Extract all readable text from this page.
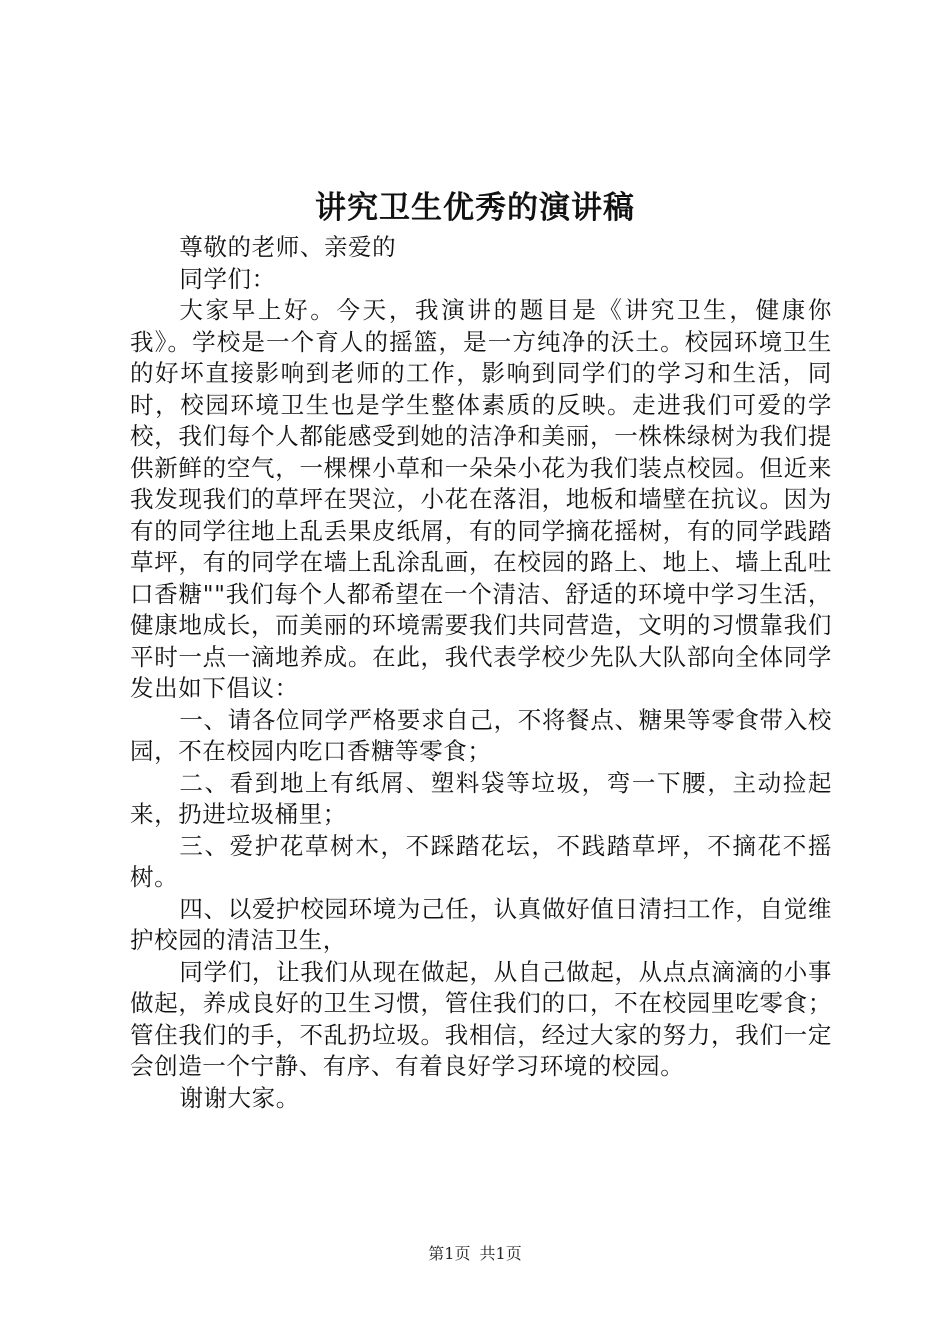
讲究卫生优秀的演讲稿

尊敬的老师、亲爱的

同学们：

大家早上好。今天，我演讲的题目是《讲究卫生，健康你我》。学校是一个育人的摇篮，是一方纯净的沃土。校园环境卫生的好坏直接影响到老师的工作，影响到同学们的学习和生活，同时，校园环境卫生也是学生整体素质的反映。走进我们可爱的学校，我们每个人都能感受到她的洁净和美丽，一株株绿树为我们提供新鲜的空气，一棵棵小草和一朵朵小花为我们装点校园。但近来我发现我们的草坪在哭泣，小花在落泪，地板和墙壁在抗议。因为有的同学往地上乱丢果皮纸屑，有的同学摘花摇树，有的同学践踏草坪，有的同学在墙上乱涂乱画，在校园的路上、地上、墙上乱吐口香糖""我们每个人都希望在一个清洁、舒适的环境中学习生活，健康地成长，而美丽的环境需要我们共同营造，文明的习惯靠我们平时一点一滴地养成。在此，我代表学校少先队大队部向全体同学发出如下倡议：

一、请各位同学严格要求自己，不将餐点、糖果等零食带入校园，不在校园内吃口香糖等零食；

二、看到地上有纸屑、塑料袋等垃圾，弯一下腰，主动捡起来，扔进垃圾桶里；

三、爱护花草树木，不踩踏花坛，不践踏草坪，不摘花不摇树。

四、以爱护校园环境为己任，认真做好值日清扫工作，自觉维护校园的清洁卫生，

同学们，让我们从现在做起，从自己做起，从点点滴滴的小事做起，养成良好的卫生习惯，管住我们的口，不在校园里吃零食；管住我们的手，不乱扔垃圾。我相信，经过大家的努力，我们一定会创造一个宁静、有序、有着良好学习环境的校园。

谢谢大家。

第1页 共1页
